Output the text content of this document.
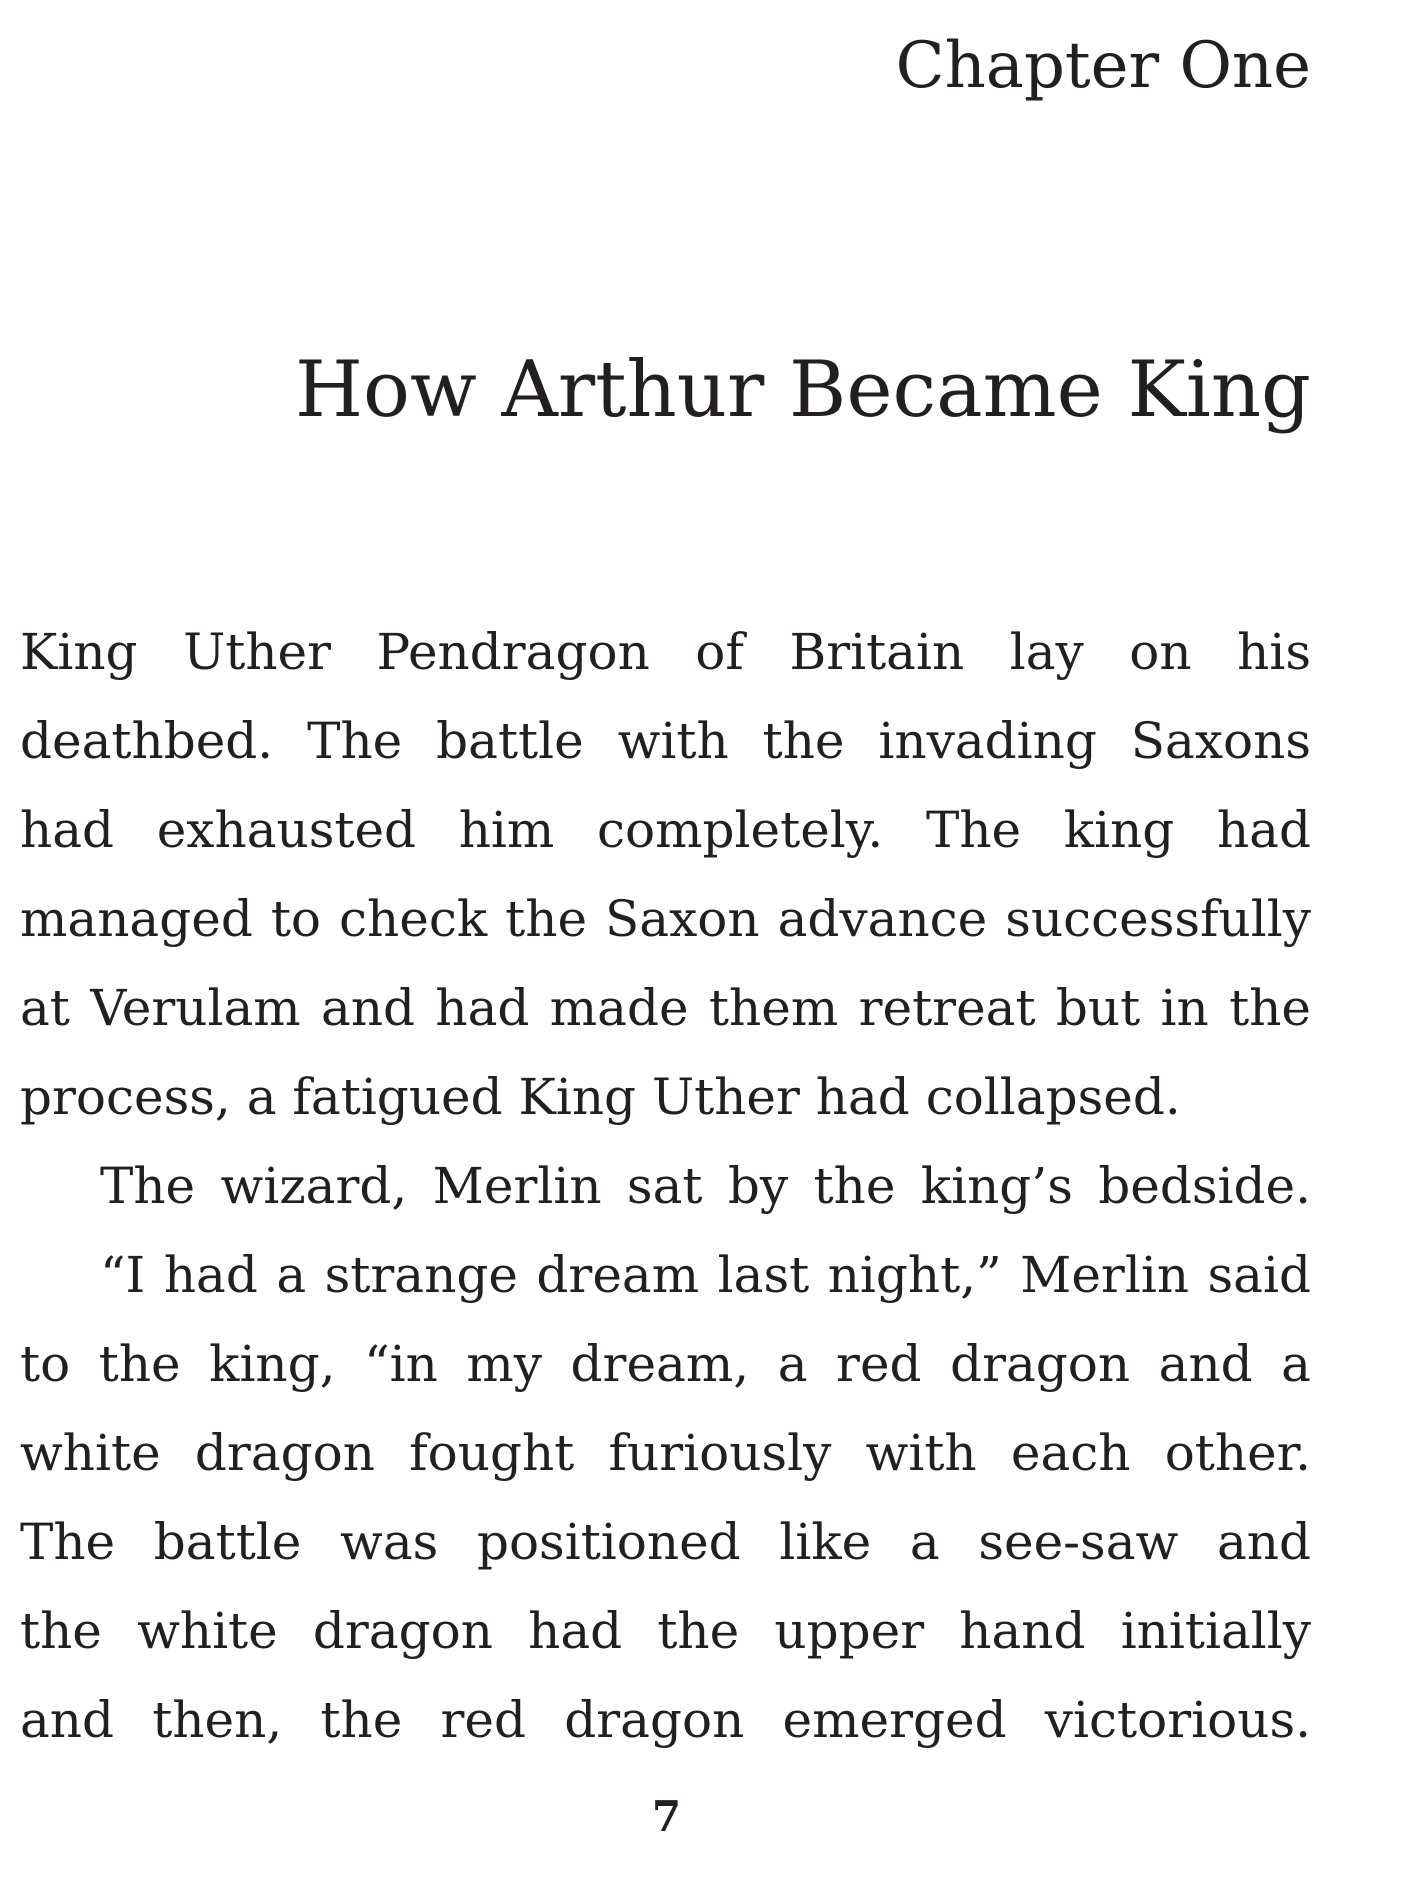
Chapter One
How Arthur Became King
King Uther Pendragon of Britain lay on his
deathbed. The battle with the invading Saxons
had exhausted him completely. The king had
managed to check the Saxon advance successfully
at Verulam and had made them retreat but in the
process, a fatigued King Uther had collapsed.
The wizard, Merlin sat by the king’s bedside.
“I had a strange dream last night,” Merlin said
to the king, “in my dream, a red dragon and a
white dragon fought furiously with each other.
The battle was positioned like a see-saw and
the white dragon had the upper hand initially
and then, the red dragon emerged victorious.
7
